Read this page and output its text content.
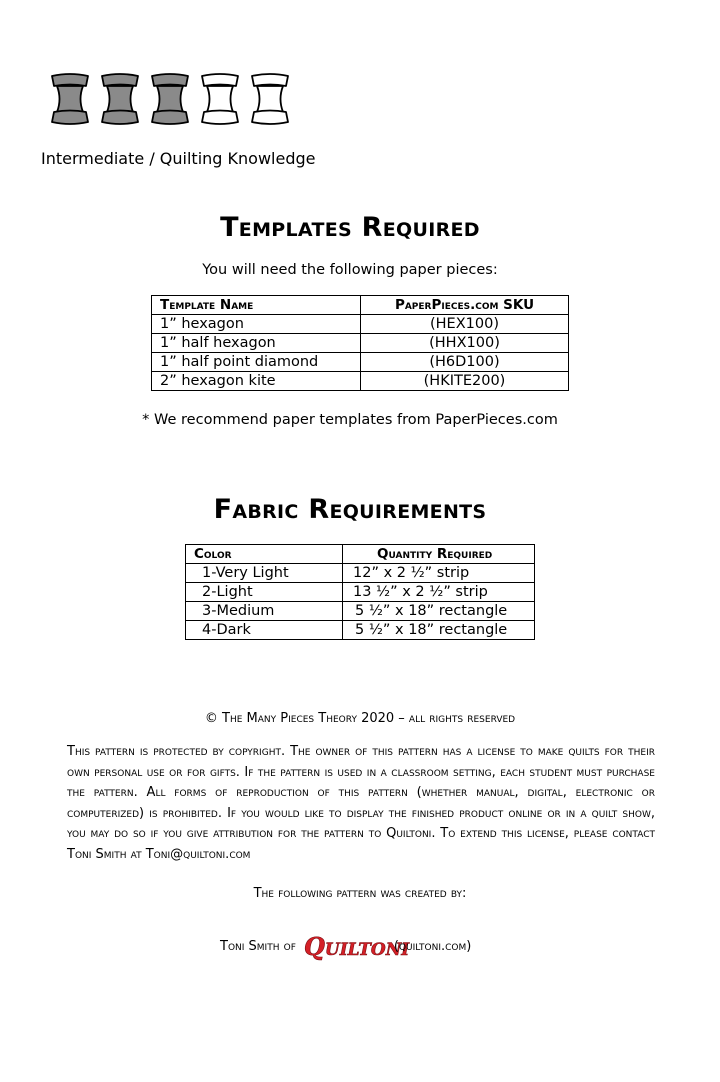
Intermediate / Quilting Knowledge
Templates Required
You will need the following paper pieces:
Template Name	PaperPieces.com SKU
1” hexagon	(HEX100)
1” half hexagon	(HHX100)
1” half point diamond	(H6D100)
2” hexagon kite	(HKITE200)
* We recommend paper templates from PaperPieces.com
Fabric Requirements
Color	Quantity Required
1-Very Light	12” x 2 ½” strip
2-Light	13 ½” x 2 ½” strip
3-Medium	5 ½” x 18” rectangle
4-Dark	5 ½” x 18” rectangle
© The Many Pieces Theory 2020 – all rights reserved
This pattern is protected by copyright. The owner of this pattern has a license to make quilts for their own personal use or for gifts. If the pattern is used in a classroom setting, each student must purchase the pattern. All forms of reproduction of this pattern (whether manual, digital, electronic or computerized) is prohibited. If you would like to display the finished product online or in a quilt show, you may do so if you give attribution for the pattern to Quiltoni. To extend this license, please contact Toni Smith at Toni@quiltoni.com
The following pattern was created by:
Toni Smith of Quiltoni
(quiltoni.com)
